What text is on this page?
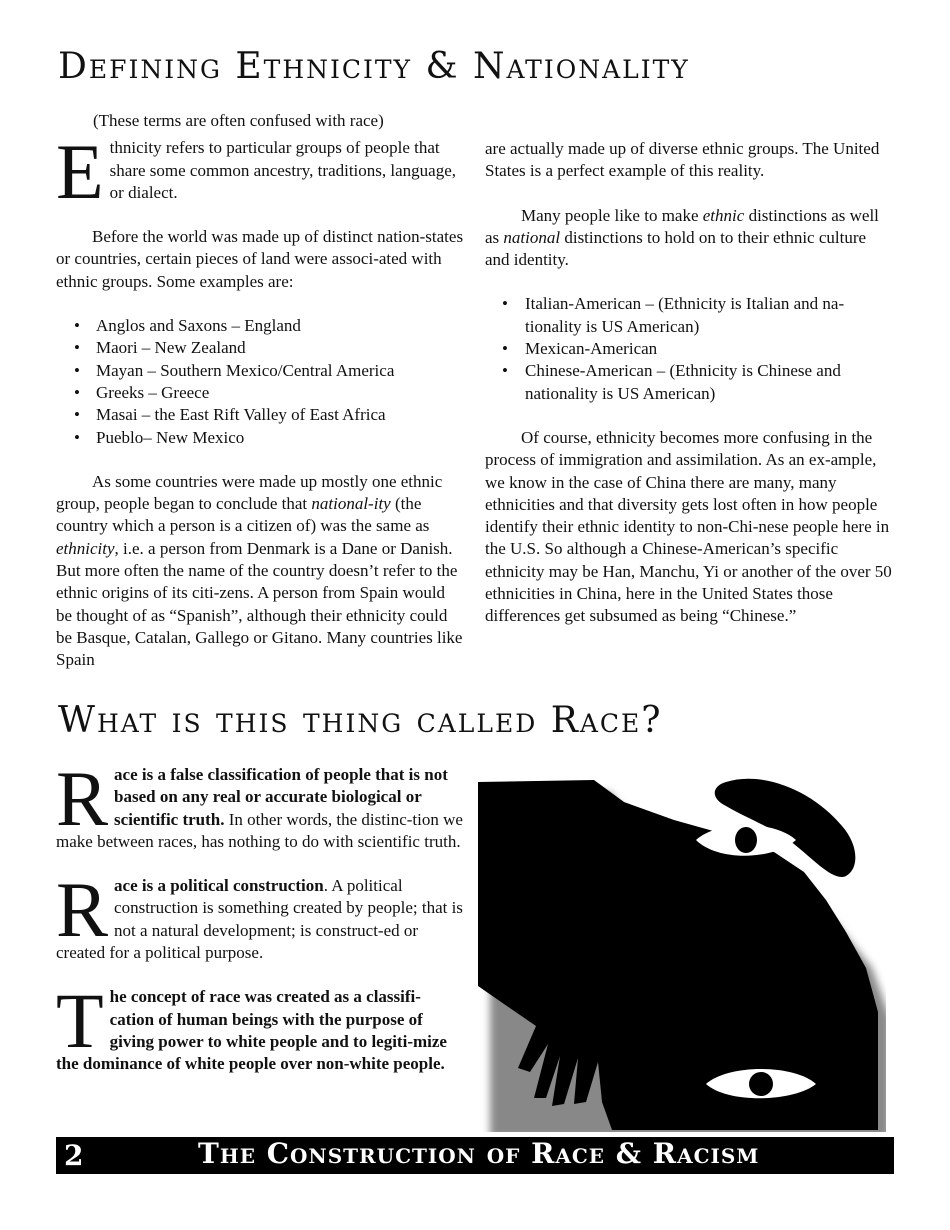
Defining Ethnicity & Nationality

(These terms are often confused with race)

Ethnicity refers to particular groups of people that share some common ancestry, traditions, language, or dialect.

Before the world was made up of distinct nation-states or countries, certain pieces of land were associ-ated with ethnic groups. Some examples are:

• Anglos and Saxons – England
• Maori – New Zealand
• Mayan – Southern Mexico/Central America
• Greeks – Greece
• Masai – the East Rift Valley of East Africa
• Pueblo– New Mexico

As some countries were made up mostly one ethnic group, people began to conclude that national-ity (the country which a person is a citizen of) was the same as ethnicity, i.e. a person from Denmark is a Dane or Danish. But more often the name of the country doesn’t refer to the ethnic origins of its citi-zens. A person from Spain would be thought of as “Spanish”, although their ethnicity could be Basque, Catalan, Gallego or Gitano. Many countries like Spain

are actually made up of diverse ethnic groups. The United States is a perfect example of this reality.

Many people like to make ethnic distinctions as well as national distinctions to hold on to their ethnic culture and identity.

• Italian-American – (Ethnicity is Italian and na-tionality is US American)
• Mexican-American
• Chinese-American – (Ethnicity is Chinese and nationality is US American)

Of course, ethnicity becomes more confusing in the process of immigration and assimilation. As an ex-ample, we know in the case of China there are many, many ethnicities and that diversity gets lost often in how people identify their ethnic identity to non-Chi-nese people here in the U.S. So although a Chinese-American’s specific ethnicity may be Han, Manchu, Yi or another of the over 50 ethnicities in China, here in the United States those differences get subsumed as being “Chinese.”

What is this thing called Race?

Race is a false classification of people that is not based on any real or accurate biological or scientific truth. In other words, the distinc-tion we make between races, has nothing to do with scientific truth.

Race is a political construction. A political construction is something created by people; that is not a natural development; is construct-ed or created for a political purpose.

The concept of race was created as a classifi-cation of human beings with the purpose of giving power to white people and to legiti-mize the dominance of white people over non-white people.

2	The Construction of Race & Racism
